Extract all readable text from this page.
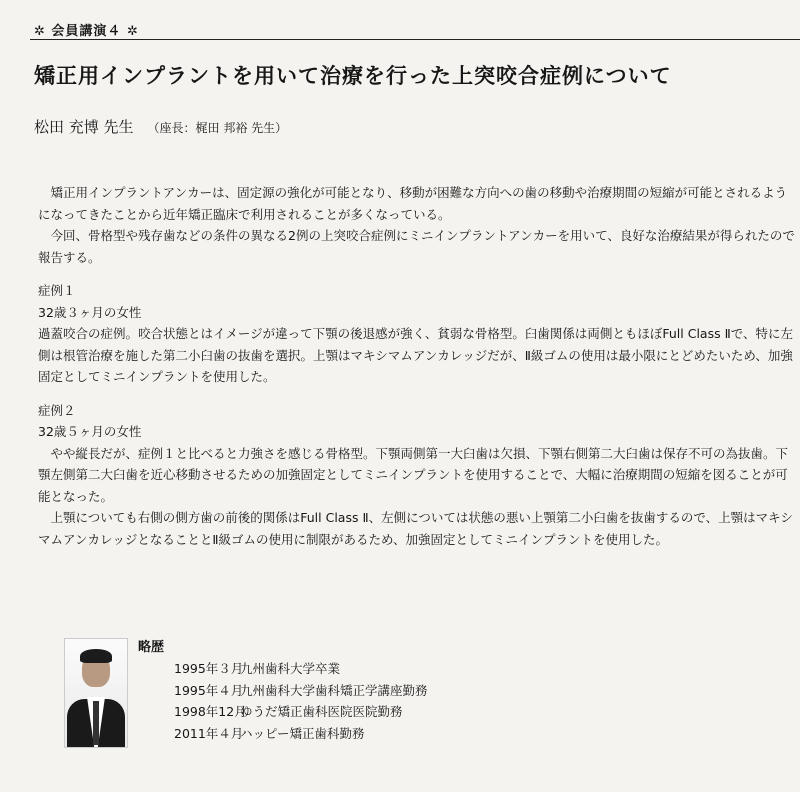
✲ 会員講演４ ✲
矯正用インプラントを用いて治療を行った上突咬合症例について
松田 充博 先生 （座長：梶田 邦裕 先生）

矯正用インプラントアンカーは、固定源の強化が可能となり、移動が困難な方向への歯の移動や治療期間の短縮が可能とされるようになってきたことから近年矯正臨床で利用されることが多くなっている。

今回、骨格型や残存歯などの条件の異なる2例の上突咬合症例にミニインプラントアンカーを用いて、良好な治療結果が得られたので報告する。

症例１

32歳３ヶ月の女性

過蓋咬合の症例。咬合状態とはイメージが違って下顎の後退感が強く、貧弱な骨格型。臼歯関係は両側ともほぼFull Class Ⅱで、特に左側は根管治療を施した第二小臼歯の抜歯を選択。上顎はマキシマムアンカレッジだが、Ⅱ級ゴムの使用は最小限にとどめたいため、加強固定としてミニインプラントを使用した。

症例２

32歳５ヶ月の女性

やや縦長だが、症例１と比べると力強さを感じる骨格型。下顎両側第一大臼歯は欠損、下顎右側第二大臼歯は保存不可の為抜歯。下顎左側第二大臼歯を近心移動させるための加強固定としてミニインプラントを使用することで、大幅に治療期間の短縮を図ることが可能となった。

上顎についても右側の側方歯の前後的関係はFull Class Ⅱ、左側については状態の悪い上顎第二小臼歯を抜歯するので、上顎はマキシマムアンカレッジとなることとⅡ級ゴムの使用に制限があるため、加強固定としてミニインプラントを使用した。

略歴
1995年３月九州歯科大学卒業
1995年４月九州歯科大学歯科矯正学講座勤務
1998年12月ゆうだ矯正歯科医院医院勤務
2011年４月ハッピー矯正歯科勤務
